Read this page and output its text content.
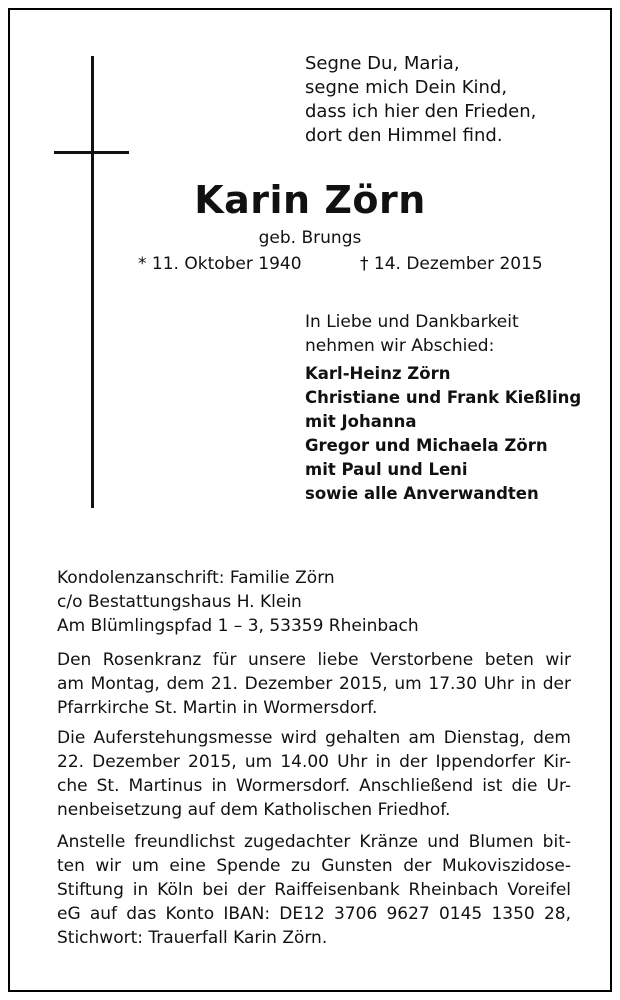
Segne Du, Maria,
segne mich Dein Kind,
dass ich hier den Frieden,
dort den Himmel find.
Karin Zörn
geb. Brungs
* 11. Oktober 1940	† 14. Dezember 2015
In Liebe und Dankbarkeit
nehmen wir Abschied:
Karl-Heinz Zörn
Christiane und Frank Kießling
mit Johanna
Gregor und Michaela Zörn
mit Paul und Leni
sowie alle Anverwandten
Kondolenzanschrift: Familie Zörn
c/o Bestattungshaus H. Klein
Am Blümlingspfad 1 – 3, 53359 Rheinbach
Den Rosenkranz für unsere liebe Verstorbene beten wir
am Montag, dem 21. Dezember 2015, um 17.30 Uhr in der
Pfarrkirche St. Martin in Wormersdorf.
Die Auferstehungsmesse wird gehalten am Dienstag, dem
22. Dezember 2015, um 14.00 Uhr in der Ippendorfer Kir-
che St. Martinus in Wormersdorf. Anschließend ist die Ur-
nenbeisetzung auf dem Katholischen Friedhof.
Anstelle freundlichst zugedachter Kränze und Blumen bit-
ten wir um eine Spende zu Gunsten der Mukoviszidose-
Stiftung in Köln bei der Raiffeisenbank Rheinbach Voreifel
eG auf das Konto IBAN: DE12 3706 9627 0145 1350 28,
Stichwort: Trauerfall Karin Zörn.
